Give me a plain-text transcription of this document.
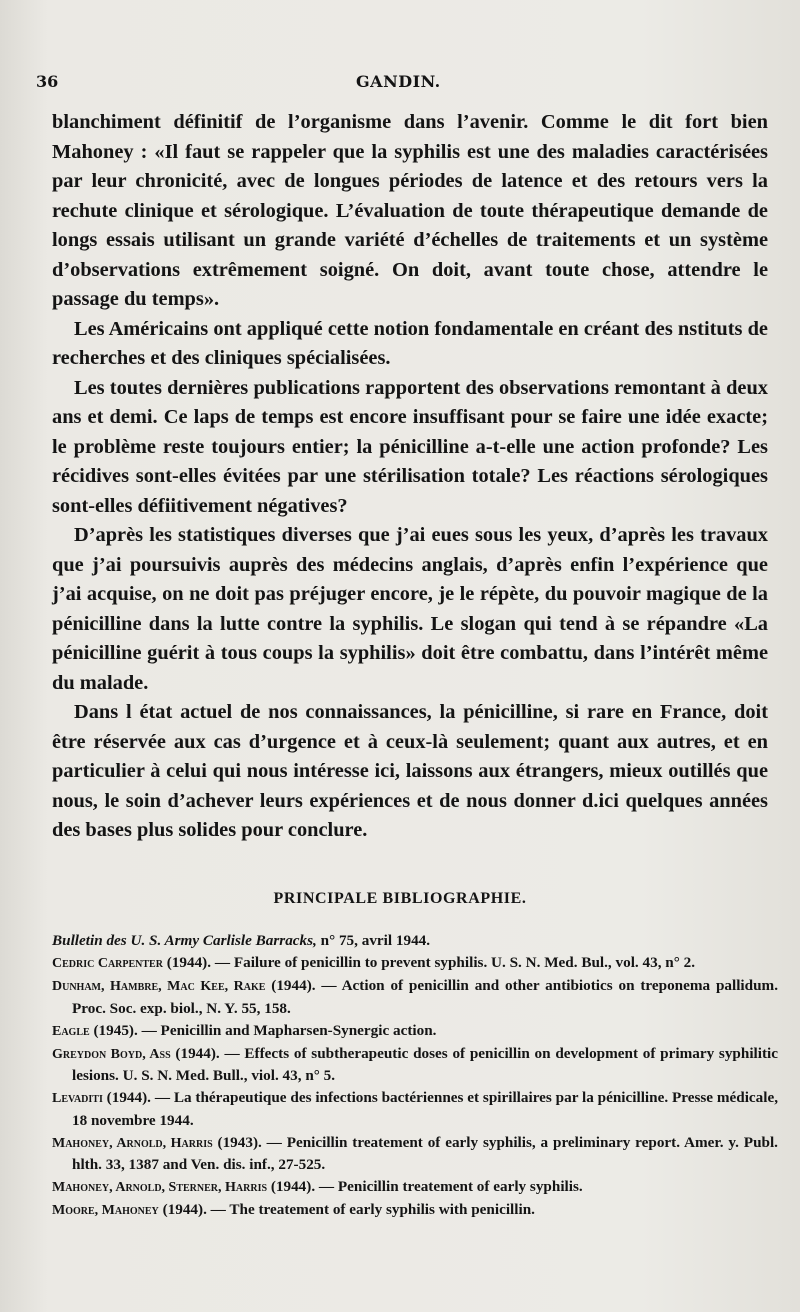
36	GANDIN.

blanchiment définitif de l’organisme dans l’avenir. Comme le dit fort bien Mahoney : «Il faut se rappeler que la syphilis est une des maladies caractérisées par leur chronicité, avec de longues périodes de latence et des retours vers la rechute clinique et sérologique. L’évaluation de toute thérapeutique demande de longs essais utilisant un grande variété d’échelles de traitements et un système d’observations extrêmement soigné. On doit, avant toute chose, attendre le passage du temps».

Les Américains ont appliqué cette notion fondamentale en créant des nstituts de recherches et des cliniques spécialisées.

Les toutes dernières publications rapportent des observations remontant à deux ans et demi. Ce laps de temps est encore insuffisant pour se faire une idée exacte; le problème reste toujours entier; la pénicilline a-t-elle une action profonde? Les récidives sont-elles évitées par une stérilisation totale? Les réactions sérologiques sont-elles défiitivement négatives?

D’après les statistiques diverses que j’ai eues sous les yeux, d’après les travaux que j’ai poursuivis auprès des médecins anglais, d’après enfin l’expérience que j’ai acquise, on ne doit pas préjuger encore, je le répète, du pouvoir magique de la pénicilline dans la lutte contre la syphilis. Le slogan qui tend à se répandre «La pénicilline guérit à tous coups la syphilis» doit être combattu, dans l’intérêt même du malade.

Dans l état actuel de nos connaissances, la pénicilline, si rare en France, doit être réservée aux cas d’urgence et à ceux-là seulement; quant aux autres, et en particulier à celui qui nous intéresse ici, laissons aux étrangers, mieux outillés que nous, le soin d’achever leurs expériences et de nous donner d.ici quelques années des bases plus solides pour conclure.

PRINCIPALE BIBLIOGRAPHIE.

Bulletin des U. S. Army Carlisle Barracks, n° 75, avril 1944.

Cedric Carpenter (1944). — Failure of penicillin to prevent syphilis. U. S. N. Med. Bul., vol. 43, n° 2.

Dunham, Hambre, Mac Kee, Rake (1944). — Action of penicillin and other antibiotics on treponema pallidum. Proc. Soc. exp. biol., N. Y. 55, 158.

Eagle (1945). — Penicillin and Mapharsen-Synergic action.

Greydon Boyd, Ass (1944). — Effects of subtherapeutic doses of penicillin on development of primary syphilitic lesions. U. S. N. Med. Bull., viol. 43, n° 5.

Levaditi (1944). — La thérapeutique des infections bactériennes et spirillaires par la pénicilline. Presse médicale, 18 novembre 1944.

Mahoney, Arnold, Harris (1943). — Penicillin treatement of early syphilis, a preliminary report. Amer. y. Publ. hlth. 33, 1387 and Ven. dis. inf., 27-525.

Mahoney, Arnold, Sterner, Harris (1944). — Penicillin treatement of early syphilis.

Moore, Mahoney (1944). — The treatement of early syphilis with penicillin.
